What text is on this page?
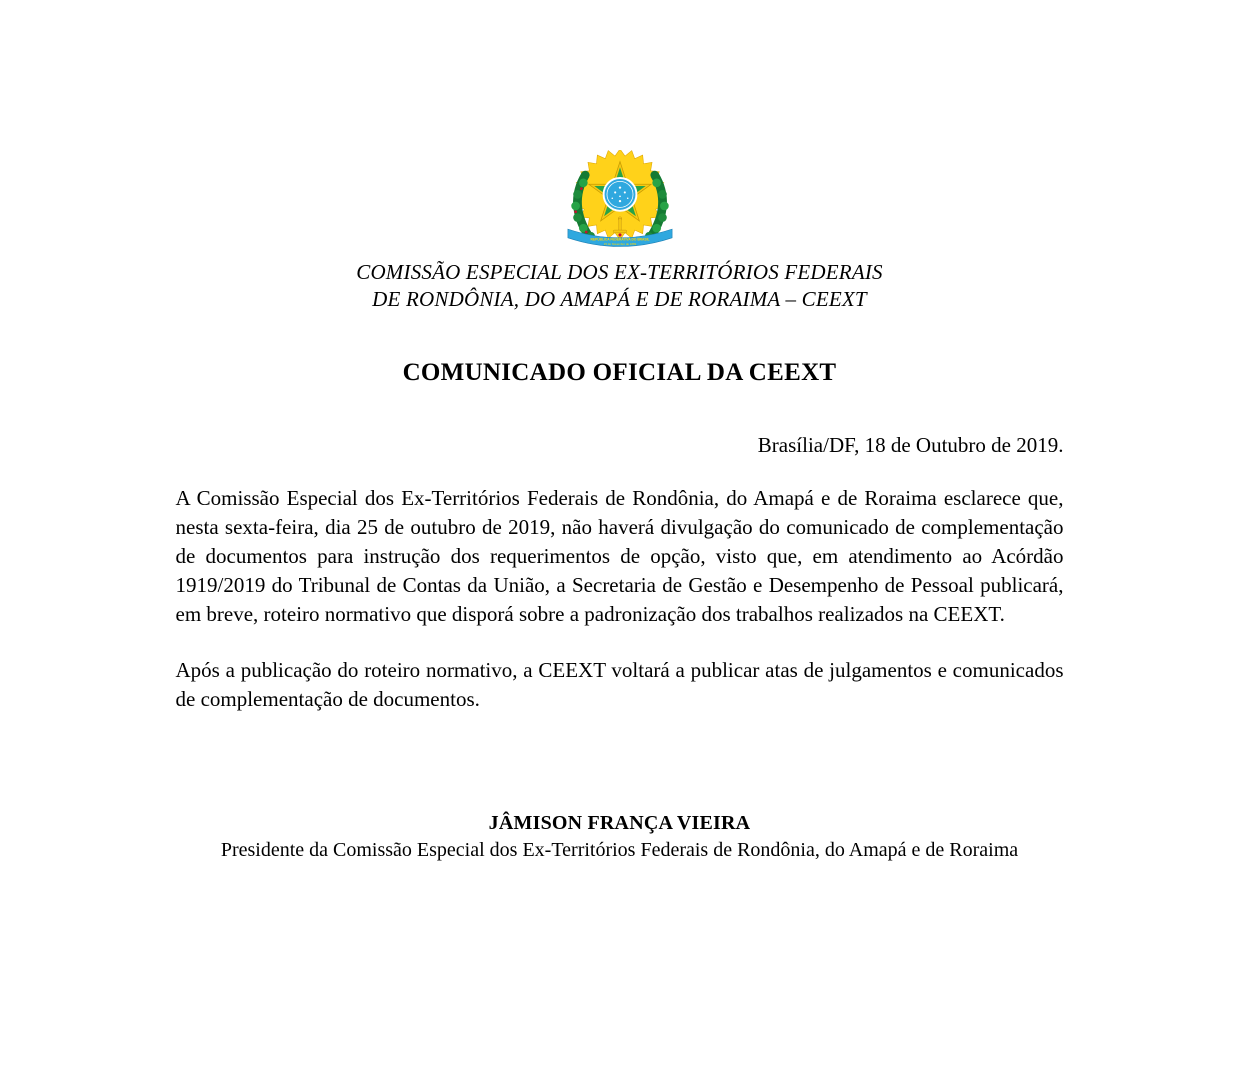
REPÚBLICA FEDERATIVA DO BRASIL
15 de Novembro de 1889
COMISSÃO ESPECIAL DOS EX-TERRITÓRIOS FEDERAIS
DE RONDÔNIA, DO AMAPÁ E DE RORAIMA – CEEXT
COMUNICADO OFICIAL DA CEEXT
Brasília/DF, 18 de Outubro de 2019.

A Comissão Especial dos Ex-Territórios Federais de Rondônia, do Amapá e de Roraima esclarece que, nesta sexta-feira, dia 25 de outubro de 2019, não haverá divulgação do comunicado de complementação de documentos para instrução dos requerimentos de opção, visto que, em atendimento ao Acórdão 1919/2019 do Tribunal de Contas da União, a Secretaria de Gestão e Desempenho de Pessoal publicará, em breve, roteiro normativo que disporá sobre a padronização dos trabalhos realizados na CEEXT.

Após a publicação do roteiro normativo, a CEEXT voltará a publicar atas de julgamentos e comunicados de complementação de documentos.

JÂMISON FRANÇA VIEIRA
Presidente da Comissão Especial dos Ex-Territórios Federais de Rondônia, do Amapá e de Roraima
